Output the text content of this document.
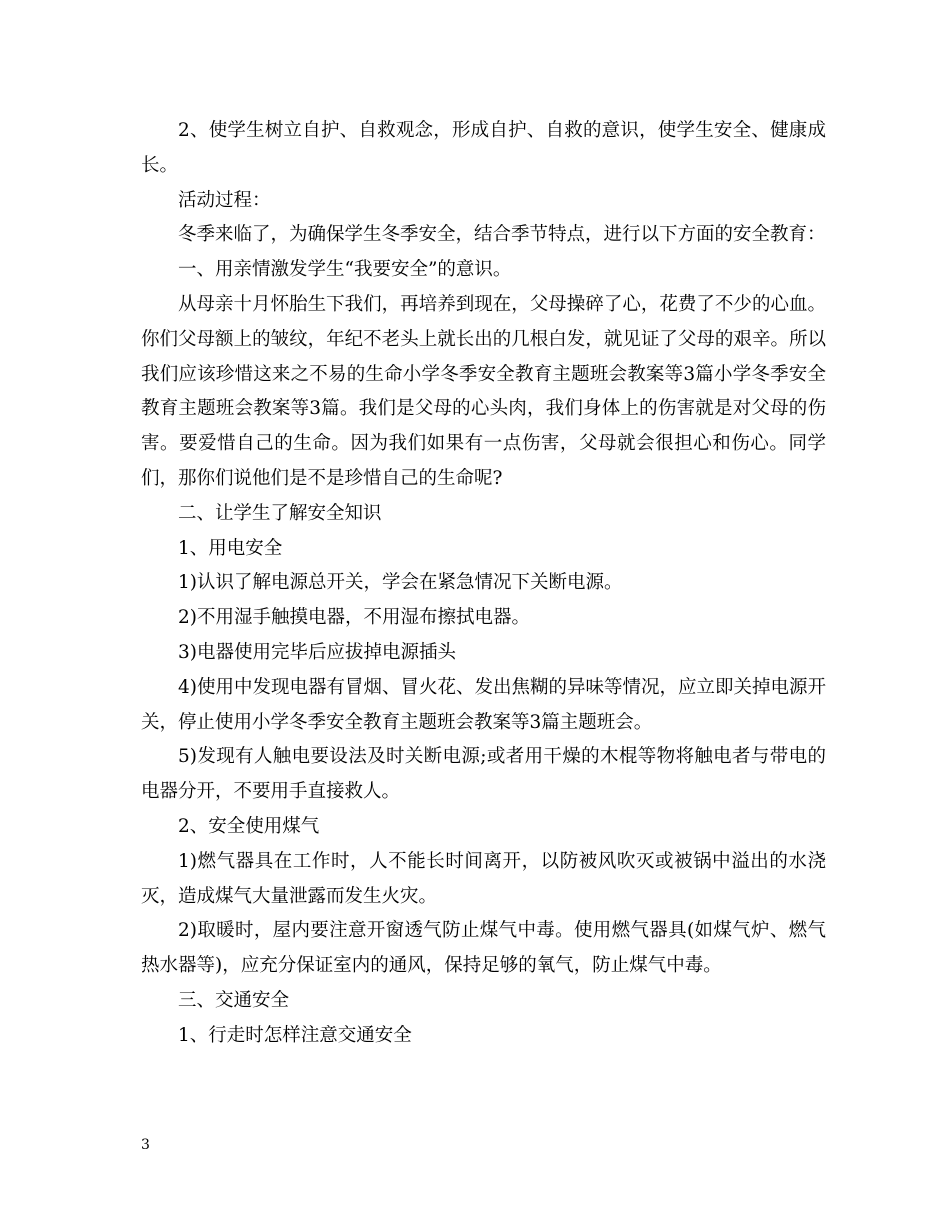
2、使学生树立自护、自救观念，形成自护、自救的意识，使学生安全、健康成长。

活动过程：

冬季来临了，为确保学生冬季安全，结合季节特点，进行以下方面的安全教育：

一、用亲情激发学生“我要安全”的意识。

从母亲十月怀胎生下我们，再培养到现在，父母操碎了心，花费了不少的心血。你们父母额上的皱纹，年纪不老头上就长出的几根白发，就见证了父母的艰辛。所以我们应该珍惜这来之不易的生命小学冬季安全教育主题班会教案等3篇小学冬季安全教育主题班会教案等3篇。我们是父母的心头肉，我们身体上的伤害就是对父母的伤害。要爱惜自己的生命。因为我们如果有一点伤害，父母就会很担心和伤心。同学们，那你们说他们是不是珍惜自己的生命呢?

二、让学生了解安全知识

1、用电安全

1)认识了解电源总开关，学会在紧急情况下关断电源。

2)不用湿手触摸电器，不用湿布擦拭电器。

3)电器使用完毕后应拔掉电源插头

4)使用中发现电器有冒烟、冒火花、发出焦糊的异味等情况，应立即关掉电源开关，停止使用小学冬季安全教育主题班会教案等3篇主题班会。

5)发现有人触电要设法及时关断电源;或者用干燥的木棍等物将触电者与带电的电器分开，不要用手直接救人。

2、安全使用煤气

1)燃气器具在工作时，人不能长时间离开，以防被风吹灭或被锅中溢出的水浇灭，造成煤气大量泄露而发生火灾。

2)取暖时，屋内要注意开窗透气防止煤气中毒。使用燃气器具(如煤气炉、燃气热水器等)，应充分保证室内的通风，保持足够的氧气，防止煤气中毒。

三、交通安全

1、行走时怎样注意交通安全

3
